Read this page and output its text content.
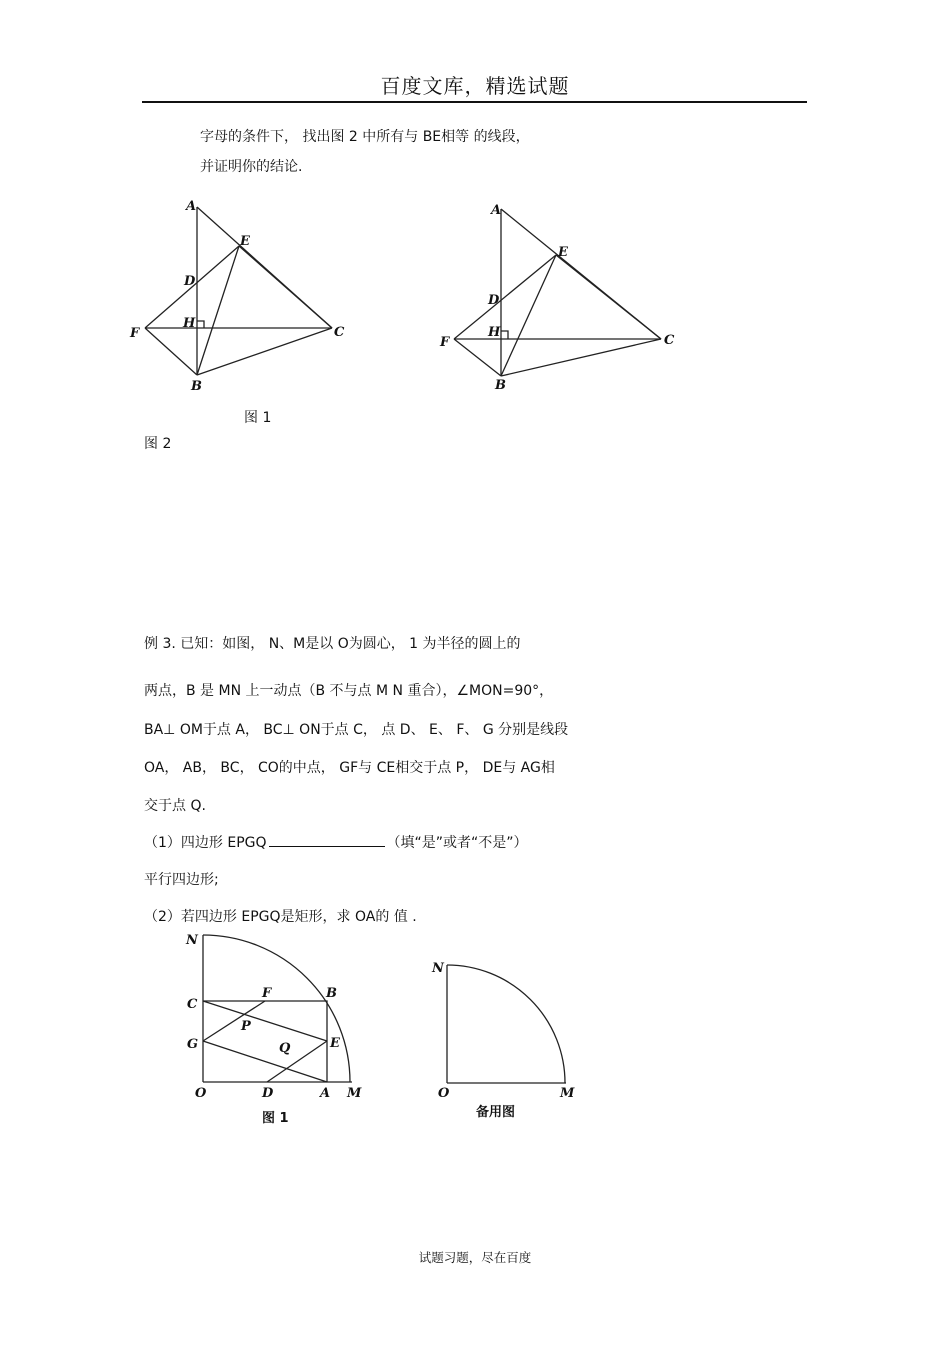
百度文库，精选试题
字母的条件下， 找出图 2 中所有与 BE相等 的线段，
并证明你的结论.
A
E
D
H
F	C
B
A
E
D
H
F	C
B
图 1
图 2
例 3. 已知：如图， N、M是以 O为圆心， 1 为半径的圆上的
两点，B 是 MN 上一动点（B 不与点 M N 重合），∠MON=90°，
BA⊥ OM于点 A， BC⊥ ON于点 C， 点 D、 E、 F、 G 分别是线段
OA， AB， BC， CO的中点， GF与 CE相交于点 P， DE与 AG相
交于点 Q.
（1）四边形 EPGQ	（填“是”或者“不是”）
平行四边形;
（2）若四边形 EPGQ是矩形，求 OA的 值 .
N
C
F	B
P
G	E
Q
O	D	A M
图 1
N
O	M
备用图
试题习题，尽在百度
